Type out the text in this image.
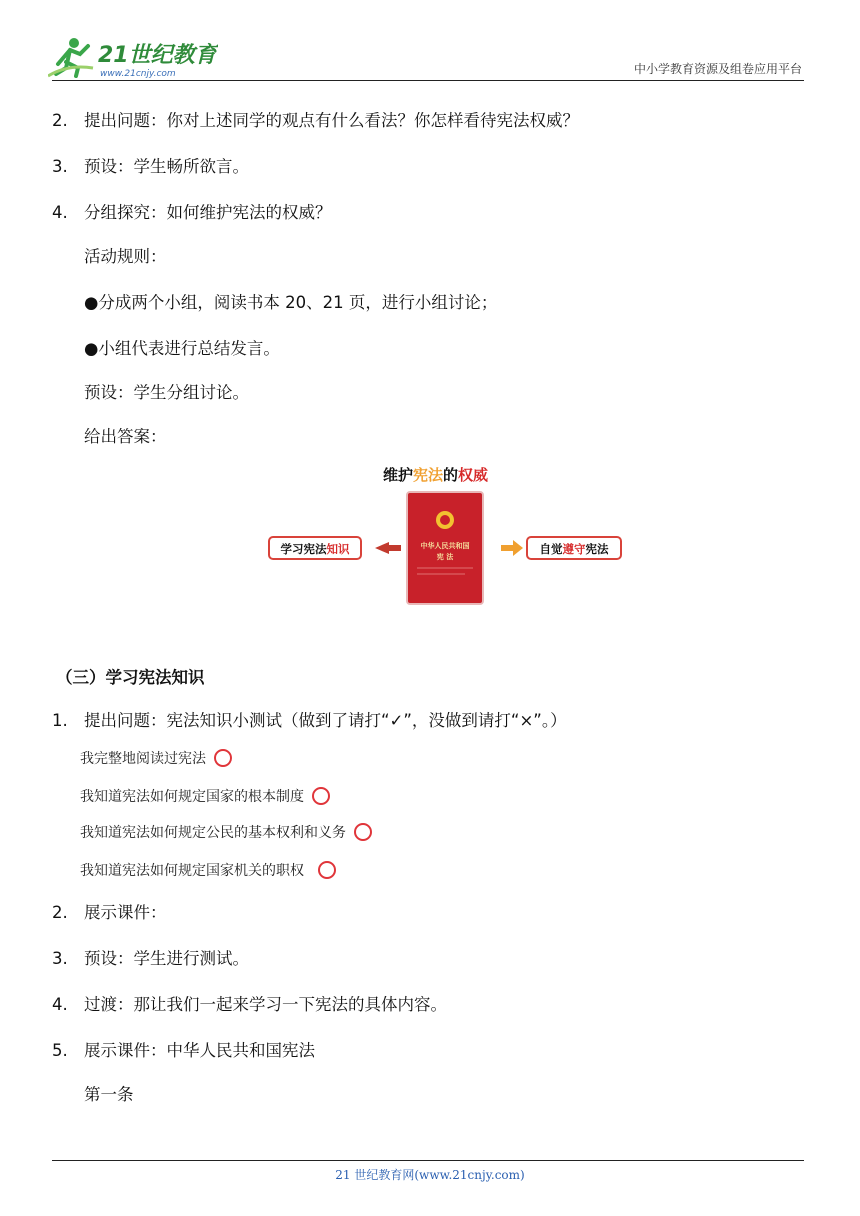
21世纪教育
www.21cnjy.com	中小学教育资源及组卷应用平台
2. 提出问题：你对上述同学的观点有什么看法？你怎样看待宪法权威？
3. 预设：学生畅所欲言。
4. 分组探究：如何维护宪法的权威？
活动规则：
●分成两个小组，阅读书本 20、21 页，进行小组讨论；
●小组代表进行总结发言。
预设：学生分组讨论。
给出答案：
维护宪法的权威
中华人民共和国
宪 法
学习宪法知识	自觉遵守宪法
（三）学习宪法知识
1. 提出问题：宪法知识小测试（做到了请打“✓”，没做到请打“×”。）
我完整地阅读过宪法
我知道宪法如何规定国家的根本制度
我知道宪法如何规定公民的基本权利和义务
我知道宪法如何规定国家机关的职权
2. 展示课件：
3. 预设：学生进行测试。
4. 过渡：那让我们一起来学习一下宪法的具体内容。
5. 展示课件：中华人民共和国宪法
第一条
21 世纪教育网(www.21cnjy.com)
